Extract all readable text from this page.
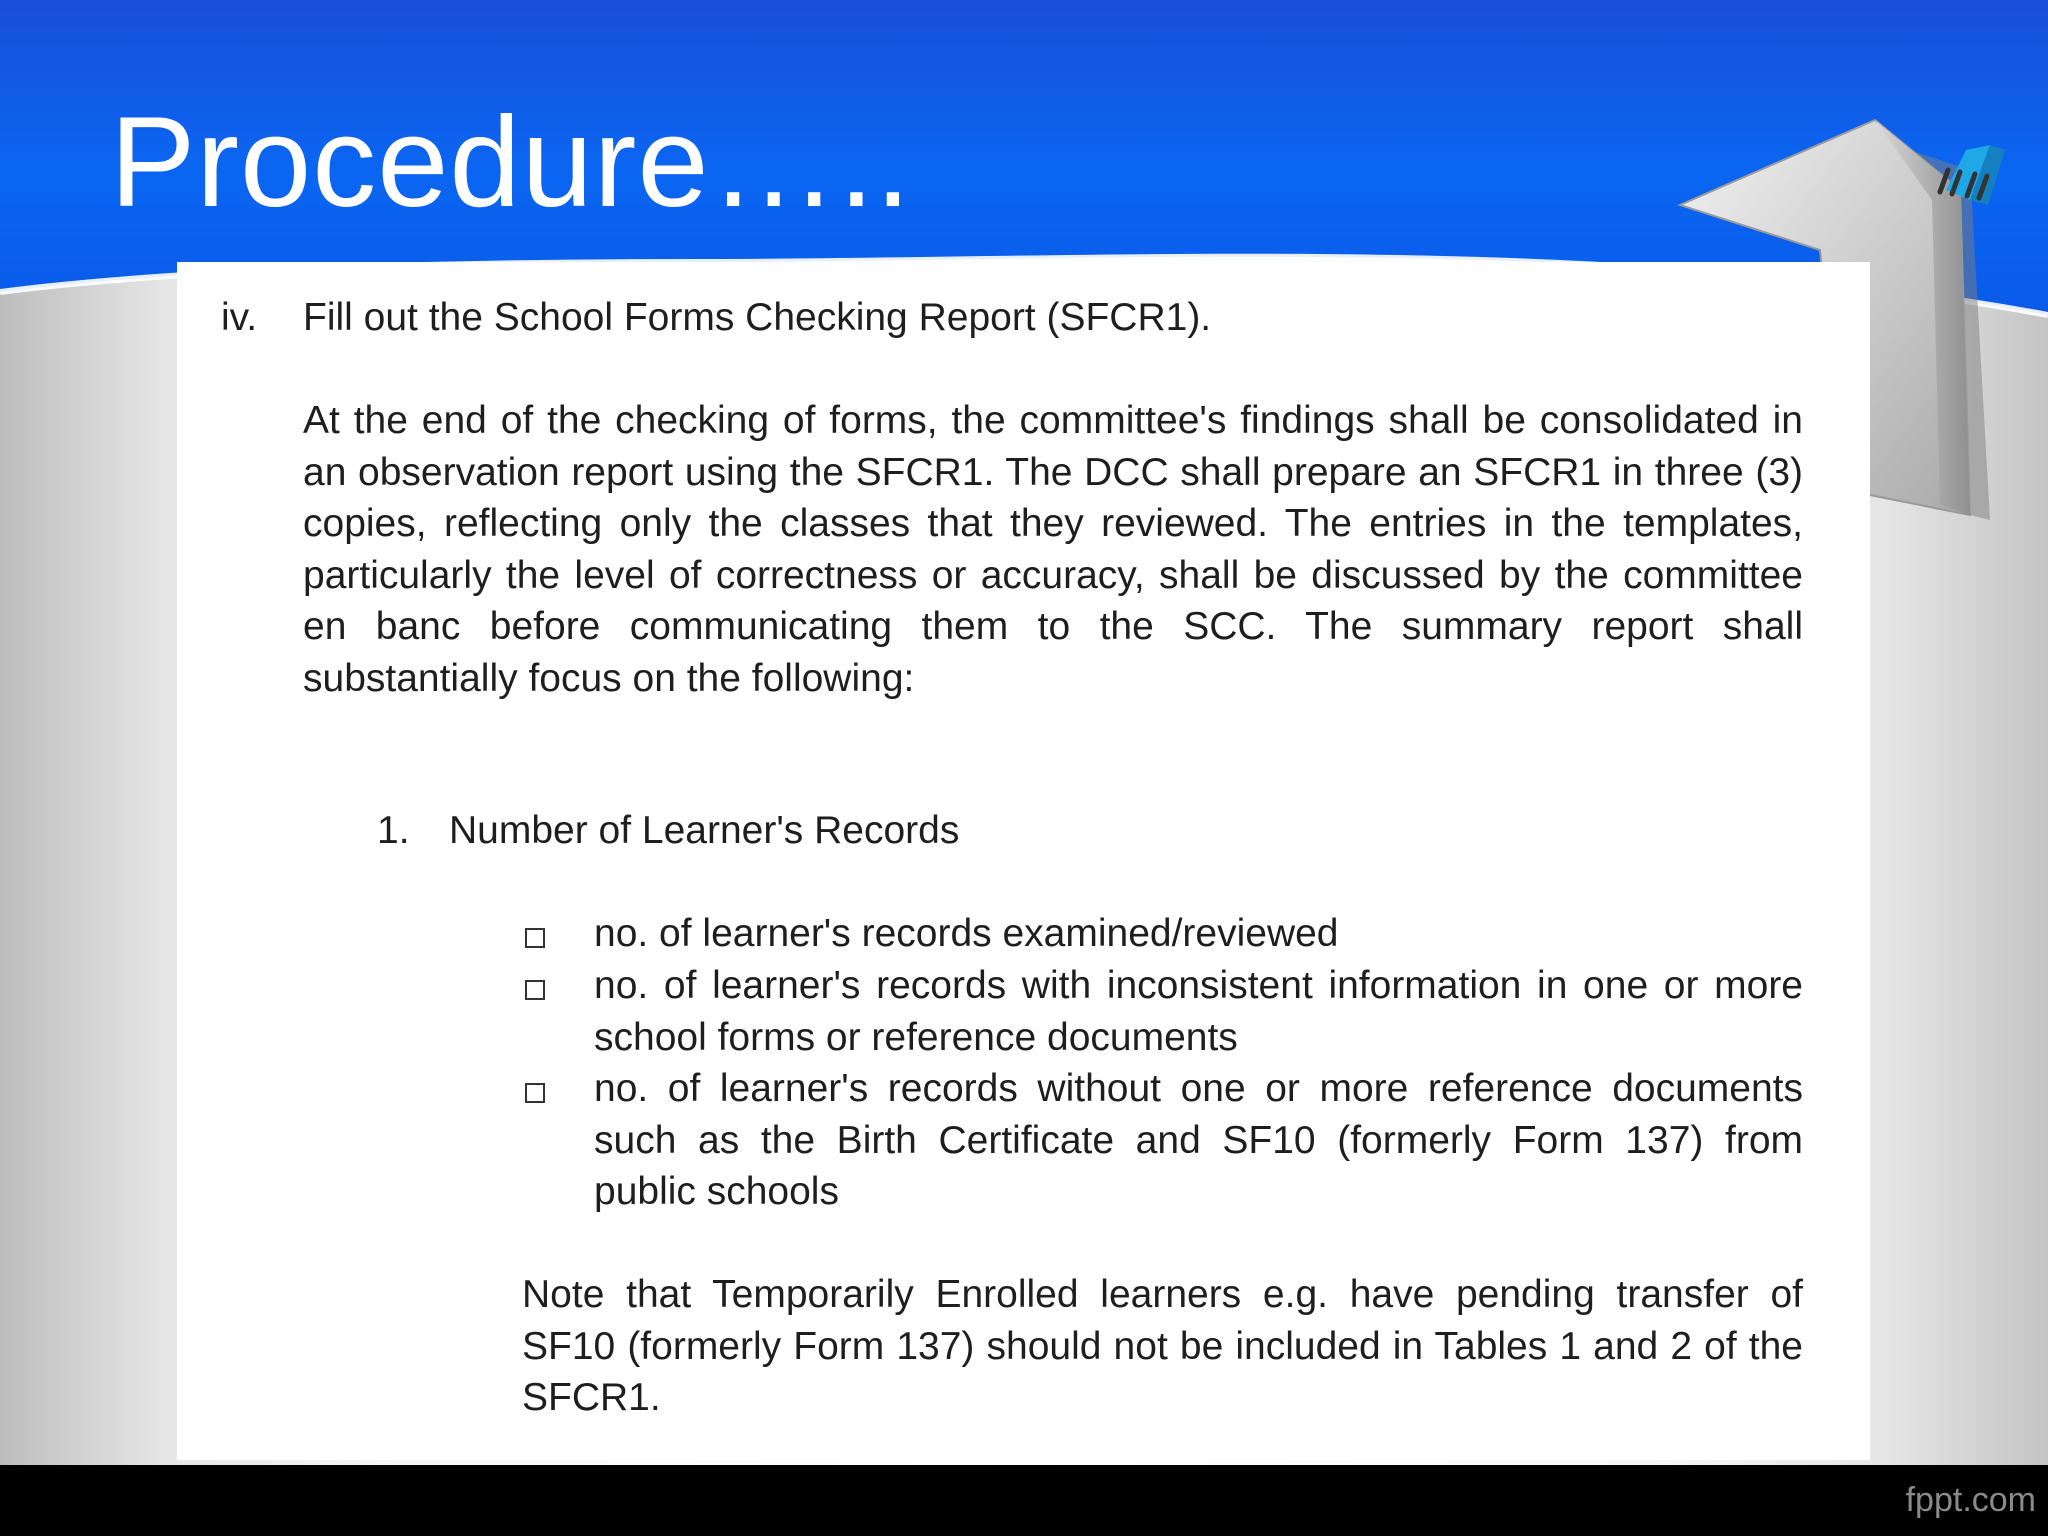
Procedure…..
iv. Fill out the School Forms Checking Report (SFCR1).

At the end of the checking of forms, the committee's findings shall be consolidated in an observation report using the SFCR1. The DCC shall prepare an SFCR1 in three (3) copies, reflecting only the classes that they reviewed. The entries in the templates, particularly the level of correctness or accuracy, shall be discussed by the committee en banc before communicating them to the SCC. The summary report shall substantially focus on the following:

1. Number of Learner's Records

no. of learner's records examined/reviewed

no. of learner's records with inconsistent information in one or more school forms or reference documents

no. of learner's records without one or more reference documents such as the Birth Certificate and SF10 (formerly Form 137) from public schools

Note that Temporarily Enrolled learners e.g. have pending transfer of SF10 (formerly Form 137) should not be included in Tables 1 and 2 of the SFCR1.

fppt.com
